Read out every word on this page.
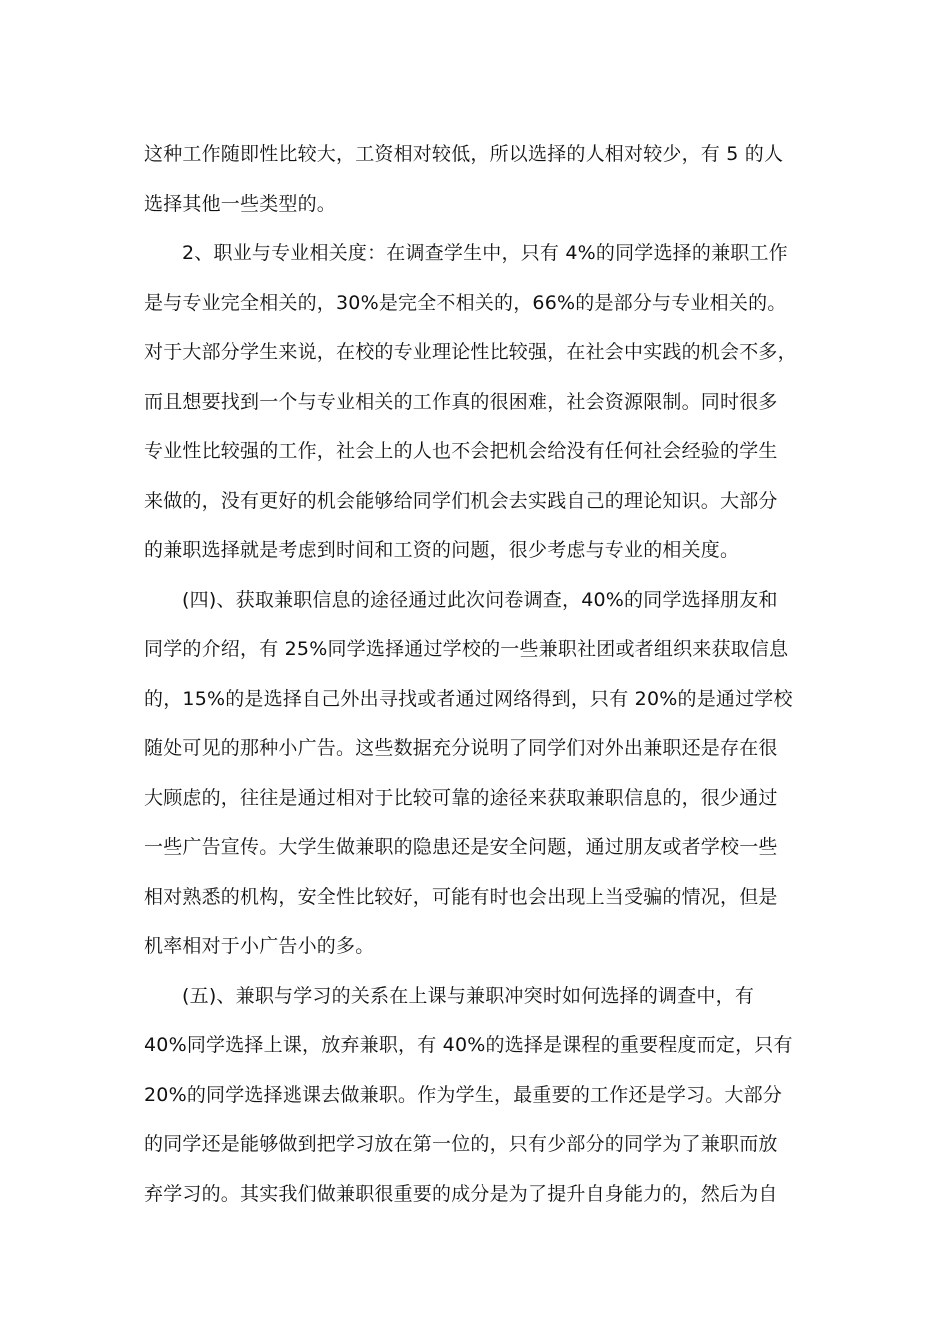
这种工作随即性比较大，工资相对较低，所以选择的人相对较少，有 5 的人
选择其他一些类型的。
2、职业与专业相关度：在调查学生中，只有 4%的同学选择的兼职工作
是与专业完全相关的，30%是完全不相关的，66%的是部分与专业相关的。
对于大部分学生来说，在校的专业理论性比较强，在社会中实践的机会不多，
而且想要找到一个与专业相关的工作真的很困难，社会资源限制。同时很多
专业性比较强的工作，社会上的人也不会把机会给没有任何社会经验的学生
来做的，没有更好的机会能够给同学们机会去实践自己的理论知识。大部分
的兼职选择就是考虑到时间和工资的问题，很少考虑与专业的相关度。
(四)、获取兼职信息的途径通过此次问卷调查，40%的同学选择朋友和
同学的介绍，有 25%同学选择通过学校的一些兼职社团或者组织来获取信息
的，15%的是选择自己外出寻找或者通过网络得到，只有 20%的是通过学校
随处可见的那种小广告。这些数据充分说明了同学们对外出兼职还是存在很
大顾虑的，往往是通过相对于比较可靠的途径来获取兼职信息的，很少通过
一些广告宣传。大学生做兼职的隐患还是安全问题，通过朋友或者学校一些
相对熟悉的机构，安全性比较好，可能有时也会出现上当受骗的情况，但是
机率相对于小广告小的多。
(五)、兼职与学习的关系在上课与兼职冲突时如何选择的调查中，有
40%同学选择上课，放弃兼职，有 40%的选择是课程的重要程度而定，只有
20%的同学选择逃课去做兼职。作为学生，最重要的工作还是学习。大部分
的同学还是能够做到把学习放在第一位的，只有少部分的同学为了兼职而放
弃学习的。其实我们做兼职很重要的成分是为了提升自身能力的，然后为自
